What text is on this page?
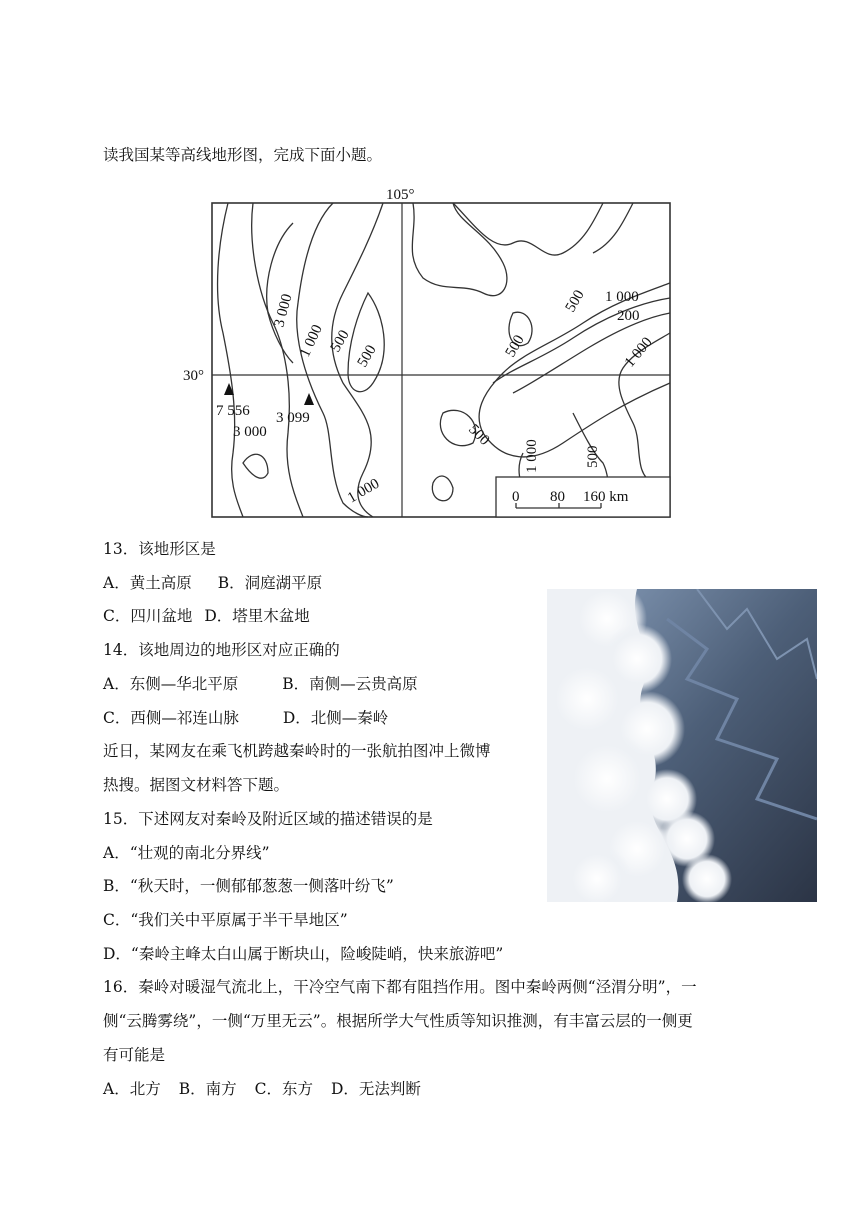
读我国某等高线地形图，完成下面小题。
105°
30°
7 556 3 099
3 000
1 000 500
500
3 000
1 000
500 1 000
200
500	1 000
500
1 000	500
0 80 160 km
13．该地形区是
A．黄土高原 B．洞庭湖平原
C．四川盆地 D．塔里木盆地
14．该地周边的地形区对应正确的
A．东侧—华北平原	B．南侧—云贵高原
C．西侧—祁连山脉	D．北侧—秦岭
近日，某网友在乘飞机跨越秦岭时的一张航拍图冲上微博
热搜。据图文材料答下题。
15．下述网友对秦岭及附近区域的描述错误的是
A．“壮观的南北分界线”
B．“秋天时，一侧郁郁葱葱一侧落叶纷飞”
C．“我们关中平原属于半干旱地区”
D．“秦岭主峰太白山属于断块山，险峻陡峭，快来旅游吧”
16．秦岭对暖湿气流北上，干冷空气南下都有阻挡作用。图中秦岭两侧“泾渭分明”，一
侧“云腾雾绕”，一侧“万里无云”。根据所学大气性质等知识推测，有丰富云层的一侧更
有可能是
A．北方 B．南方 C．东方 D．无法判断
